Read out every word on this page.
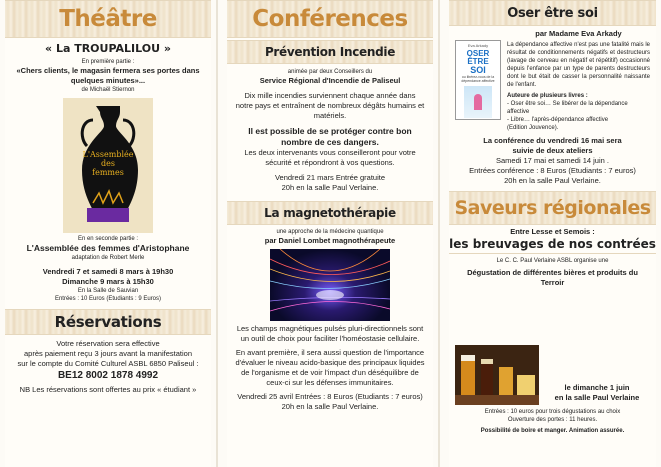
Théâtre
« La TROUPALILOU »
En première partie :
«Chers clients, le magasin fermera ses portes dans quelques minutes»...
de Michaël Stiernon
L'Assemblée
des
femmes
En en seconde partie :
L'Assemblée des femmes d'Aristophane
adaptation de Robert Merle
Vendredi 7 et samedi 8 mars à 19h30
Dimanche 9 mars à 15h30
En la Salle de Sauvian
Entrées : 10 Euros (Etudiants : 9 Euros)
Réservations
Votre réservation sera effective
après paiement reçu 3 jours avant la manifestation
sur le compte du Comité Culturel ASBL 6850 Paliseul :
BE12 8002 1878 4992
NB Les réservations sont offertes au prix « étudiant »
Conférences
Prévention Incendie
animée par deux Conseillers du
Service Régional d'Incendie de Paliseul
Dix mille incendies surviennent chaque année dans notre pays et entraînent de nombreux dégâts humains et matériels.
Il est possible de se protéger contre bon nombre de ces dangers.
Les deux intervenants vous conseilleront pour votre sécurité et répondront à vos questions.
Vendredi 21 mars Entrée gratuite
20h en la salle Paul Verlaine.
La magnetothérapie
une approche de la médecine quantique
par Daniel Lombet magnothérapeute
Les champs magnétiques pulsés pluri-directionnels sont un outil de choix pour faciliter l'homéostasie cellulaire.
En avant première, il sera aussi question de l'importance d'évaluer le niveau acido-basique des principaux liquides de l'organisme et de voir l'impact d'un déséquilibre de ceux-ci sur les défenses immunitaires.
Vendredi 25 avril Entrées : 8 Euros (Etudiants : 7 euros)
20h en la salle Paul Verlaine.
Oser être soi
Eva Arkady
OSER ÊTRE
SOI
ou libérez-vous de la dépendance affective
par Madame Eva Arkady
La dépendance affective n'est pas une fatalité mais le résultat de conditionnements négatifs et destructeurs (lavage de cerveau en négatif et répétitif) occasionné depuis l'enfance par un type de parents destructeurs dont le but était de casser la personnalité naissante de l'enfant.
Auteure de plusieurs livres :
- Oser être soi… Se libérer de la dépendance affective
- Libre… l'après-dépendance affective
(Edition Jouvence).
La conférence du vendredi 16 mai sera
suivie de deux ateliers
Samedi 17 mai et samedi 14 juin .
Entrées conférence : 8 Euros (Etudiants : 7 euros)
20h en la salle Paul Verlaine.
Saveurs régionales
Entre Lesse et Semois :
les breuvages de nos contrées
Le C. C. Paul Verlaine ASBL organise une
Dégustation de différentes bières et produits du Terroir
le dimanche 1 juin
en la salle Paul Verlaine
Entrées : 10 euros pour trois dégustations au choix
Ouverture des portes : 11 heures.
Possibilité de boire et manger. Animation assurée.
